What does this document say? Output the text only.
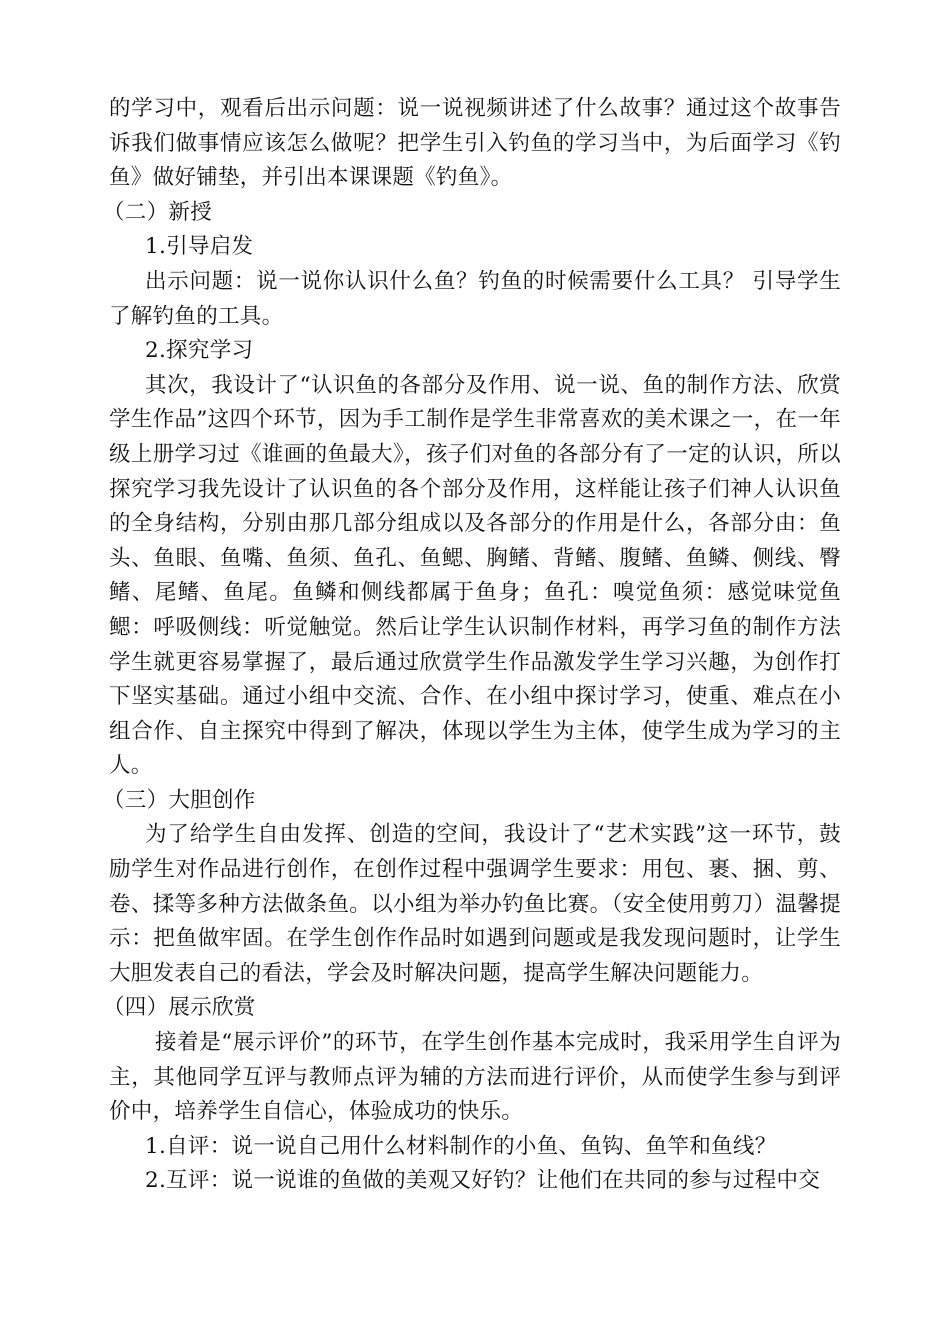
的学习中，观看后出示问题：说一说视频讲述了什么故事？通过这个故事告诉我们做事情应该怎么做呢？把学生引入钓鱼的学习当中，为后面学习《钓鱼》做好铺垫，并引出本课课题《钓鱼》。

（二）新授

1.引导启发

出示问题：说一说你认识什么鱼？钓鱼的时候需要什么工具？ 引导学生了解钓鱼的工具。

2.探究学习

其次，我设计了“认识鱼的各部分及作用、说一说、鱼的制作方法、欣赏学生作品”这四个环节，因为手工制作是学生非常喜欢的美术课之一，在一年级上册学习过《谁画的鱼最大》，孩子们对鱼的各部分有了一定的认识，所以探究学习我先设计了认识鱼的各个部分及作用，这样能让孩子们神人认识鱼的全身结构，分别由那几部分组成以及各部分的作用是什么，各部分由：鱼头、鱼眼、鱼嘴、鱼须、鱼孔、鱼鳃、胸鳍、背鳍、腹鳍、鱼鳞、侧线、臀鳍、尾鳍、鱼尾。鱼鳞和侧线都属于鱼身；鱼孔：嗅觉鱼须：感觉味觉鱼鳃：呼吸侧线：听觉触觉。然后让学生认识制作材料，再学习鱼的制作方法学生就更容易掌握了，最后通过欣赏学生作品激发学生学习兴趣，为创作打下坚实基础。通过小组中交流、合作、在小组中探讨学习，使重、难点在小组合作、自主探究中得到了解决，体现以学生为主体，使学生成为学习的主人。

（三）大胆创作

为了给学生自由发挥、创造的空间，我设计了“艺术实践”这一环节，鼓励学生对作品进行创作，在创作过程中强调学生要求：用包、裹、捆、剪、卷、揉等多种方法做条鱼。以小组为举办钓鱼比赛。（安全使用剪刀）温馨提示：把鱼做牢固。在学生创作作品时如遇到问题或是我发现问题时，让学生大胆发表自己的看法，学会及时解决问题，提高学生解决问题能力。

（四）展示欣赏

接着是“展示评价”的环节，在学生创作基本完成时，我采用学生自评为主，其他同学互评与教师点评为辅的方法而进行评价，从而使学生参与到评价中，培养学生自信心，体验成功的快乐。

1.自评：说一说自己用什么材料制作的小鱼、鱼钩、鱼竿和鱼线？

2.互评：说一说谁的鱼做的美观又好钓？让他们在共同的参与过程中交
